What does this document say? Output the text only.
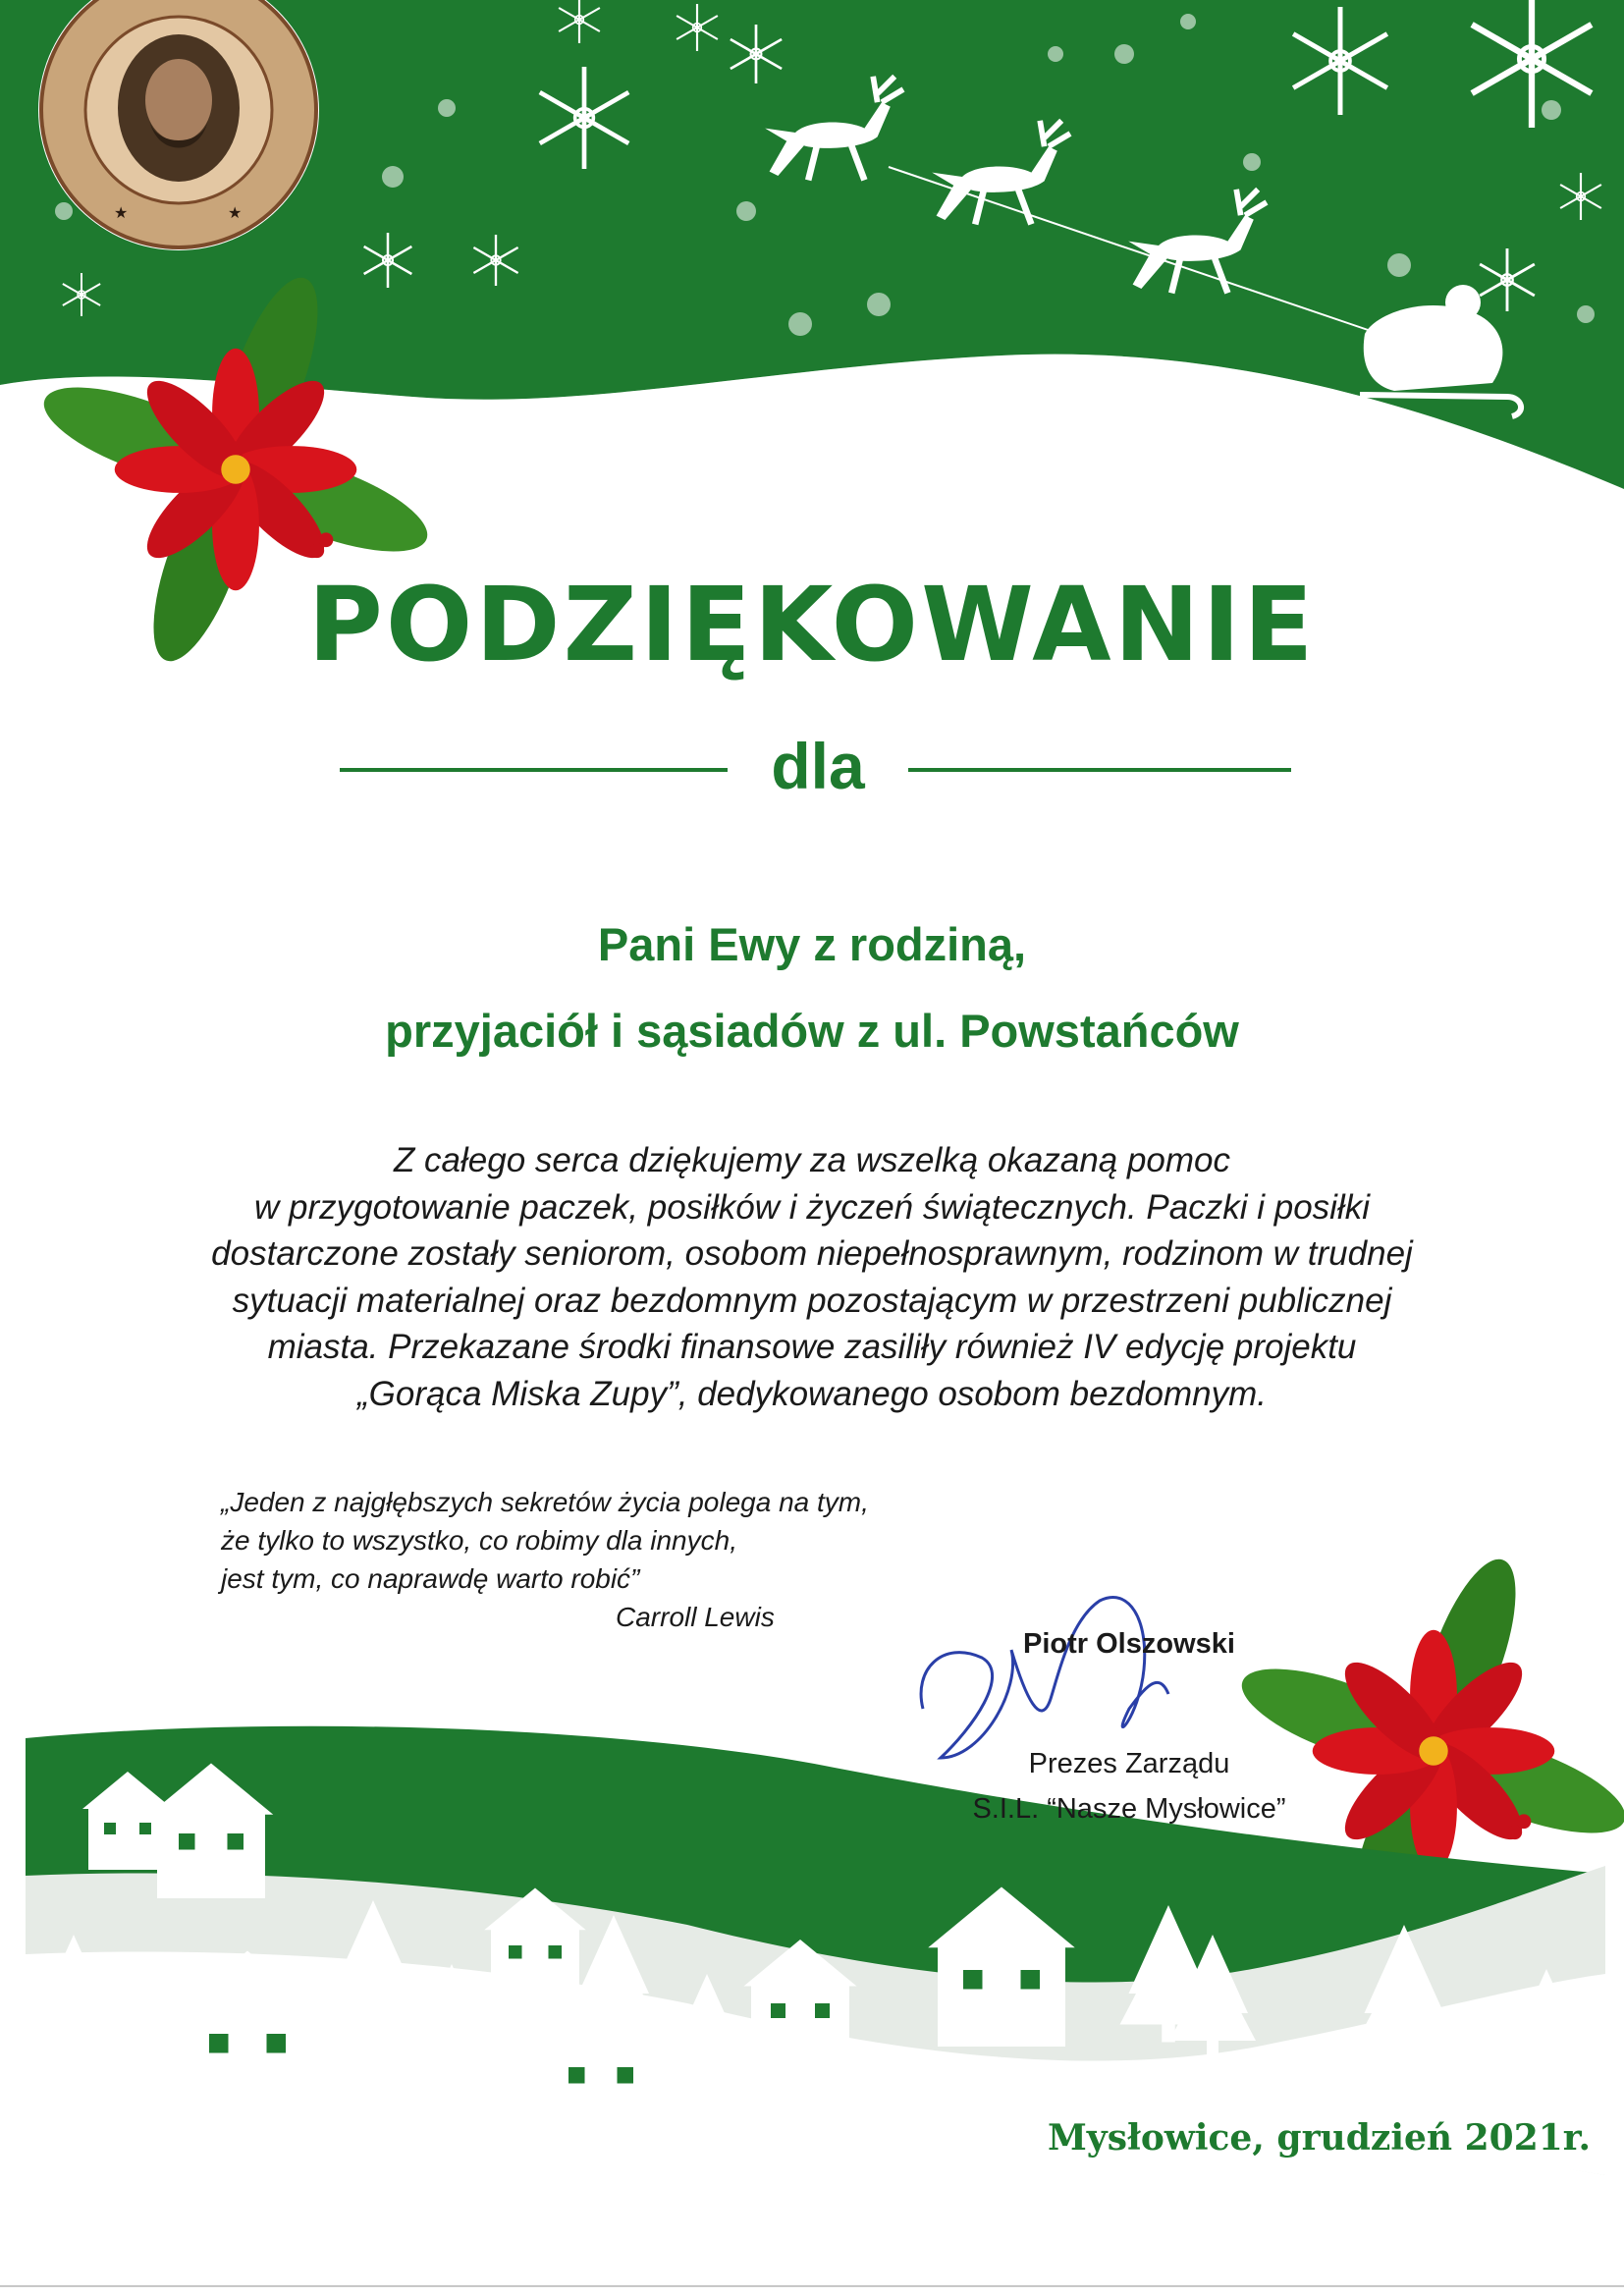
★	★
PODZIĘKOWANIE
dla
Pani Ewy z rodziną,
przyjaciół i sąsiadów z ul. Powstańców
Z całego serca dziękujemy za wszelką okazaną pomoc
w przygotowanie paczek, posiłków i życzeń świątecznych. Paczki i posiłki
dostarczone zostały seniorom, osobom niepełnosprawnym, rodzinom w trudnej
sytuacji materialnej oraz bezdomnym pozostającym w przestrzeni publicznej
miasta. Przekazane środki finansowe zasiliły również IV edycję projektu
„Gorąca Miska Zupy”, dedykowanego osobom bezdomnym.
„Jeden z najgłębszych sekretów życia polega na tym,
że tylko to wszystko, co robimy dla innych,
jest tym, co naprawdę warto robić”
Carroll Lewis
Piotr Olszowski
Prezes Zarządu
S.I.L. “Nasze Mysłowice”
Mysłowice, grudzień 2021r.
